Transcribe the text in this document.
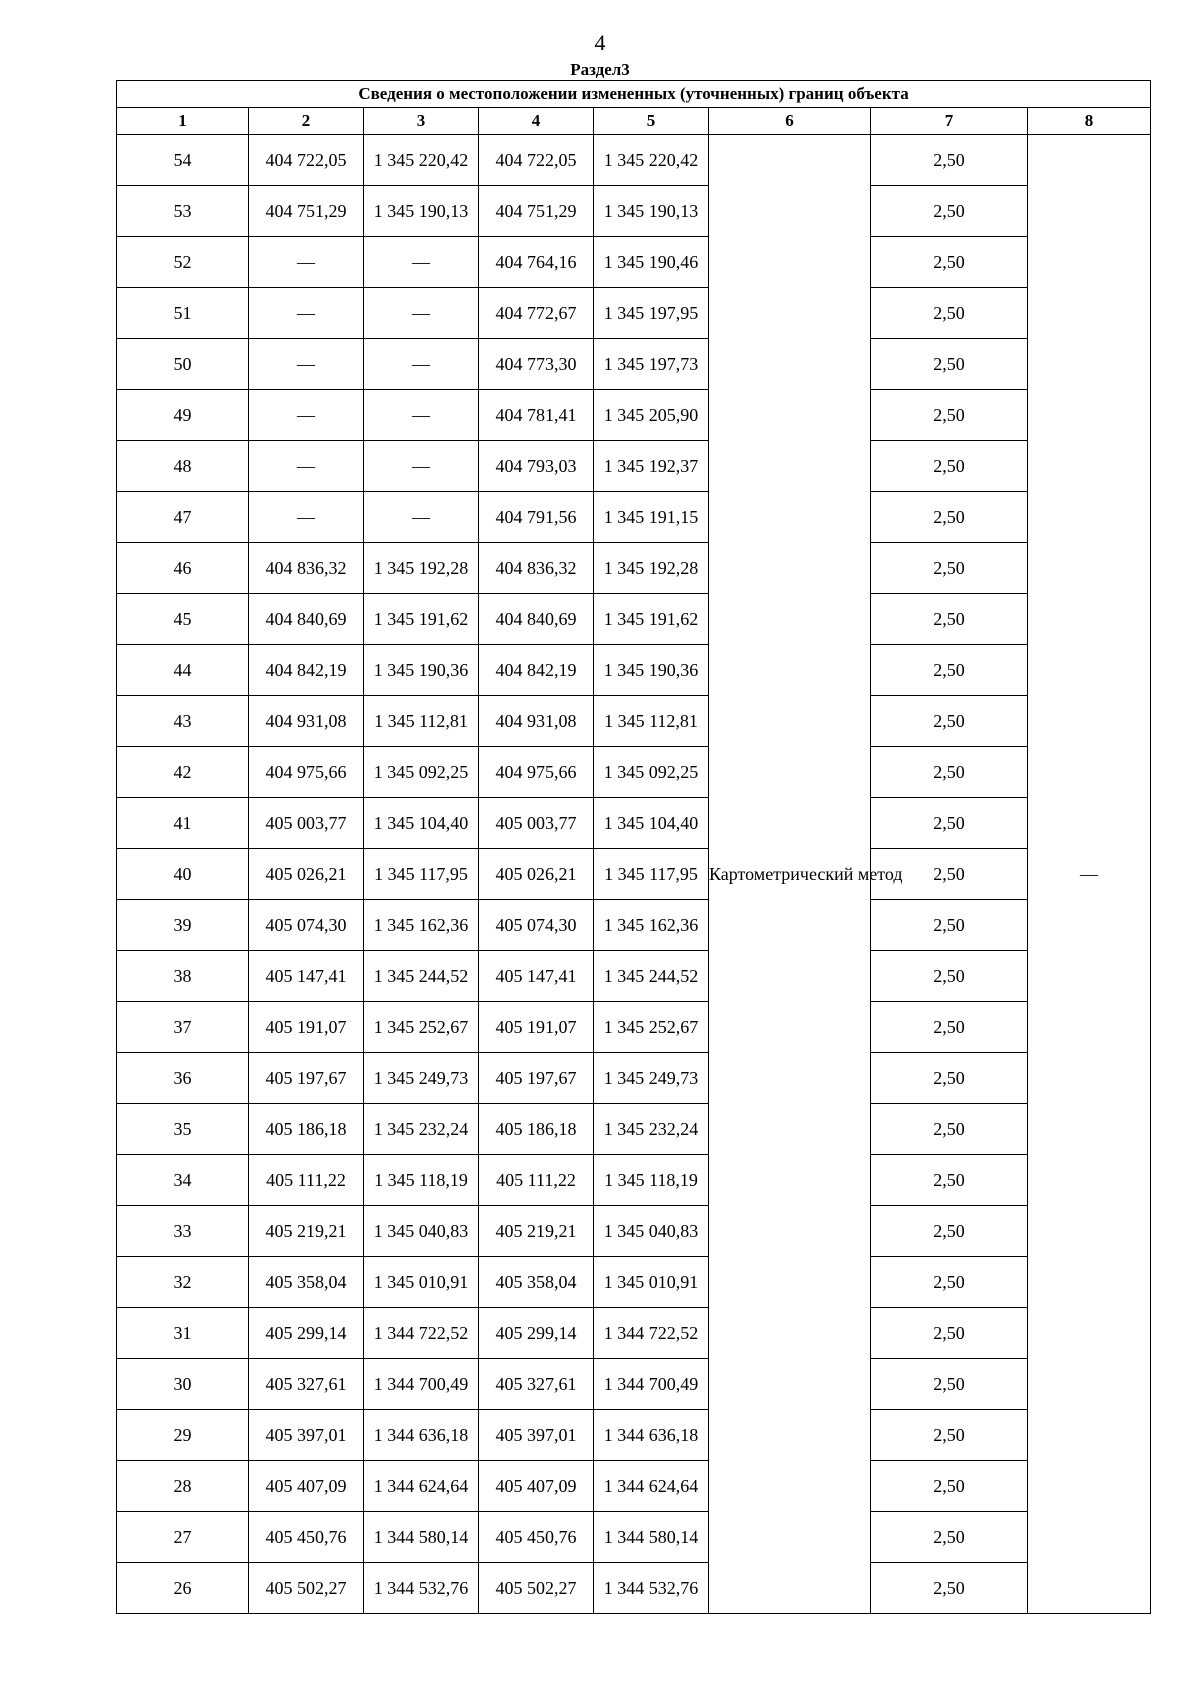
4
Раздел3
Сведения о местоположении измененных (уточненных) границ объекта							
1	2	3	4	5	6	7	8
54	404 722,05	1 345 220,42	404 722,05	1 345 220,42	Картометрический метод	2,50	—
53	404 751,29	1 345 190,13	404 751,29	1 345 190,13		2,50	
52	—	—	404 764,16	1 345 190,46		2,50	
51	—	—	404 772,67	1 345 197,95		2,50	
50	—	—	404 773,30	1 345 197,73		2,50	
49	—	—	404 781,41	1 345 205,90		2,50	
48	—	—	404 793,03	1 345 192,37		2,50	
47	—	—	404 791,56	1 345 191,15		2,50	
46	404 836,32	1 345 192,28	404 836,32	1 345 192,28		2,50	
45	404 840,69	1 345 191,62	404 840,69	1 345 191,62		2,50	
44	404 842,19	1 345 190,36	404 842,19	1 345 190,36		2,50	
43	404 931,08	1 345 112,81	404 931,08	1 345 112,81		2,50	
42	404 975,66	1 345 092,25	404 975,66	1 345 092,25		2,50	
41	405 003,77	1 345 104,40	405 003,77	1 345 104,40		2,50	
40	405 026,21	1 345 117,95	405 026,21	1 345 117,95		2,50	
39	405 074,30	1 345 162,36	405 074,30	1 345 162,36		2,50	
38	405 147,41	1 345 244,52	405 147,41	1 345 244,52		2,50	
37	405 191,07	1 345 252,67	405 191,07	1 345 252,67		2,50	
36	405 197,67	1 345 249,73	405 197,67	1 345 249,73		2,50	
35	405 186,18	1 345 232,24	405 186,18	1 345 232,24		2,50	
34	405 111,22	1 345 118,19	405 111,22	1 345 118,19		2,50	
33	405 219,21	1 345 040,83	405 219,21	1 345 040,83		2,50	
32	405 358,04	1 345 010,91	405 358,04	1 345 010,91		2,50	
31	405 299,14	1 344 722,52	405 299,14	1 344 722,52		2,50	
30	405 327,61	1 344 700,49	405 327,61	1 344 700,49		2,50	
29	405 397,01	1 344 636,18	405 397,01	1 344 636,18		2,50	
28	405 407,09	1 344 624,64	405 407,09	1 344 624,64		2,50	
27	405 450,76	1 344 580,14	405 450,76	1 344 580,14		2,50	
26	405 502,27	1 344 532,76	405 502,27	1 344 532,76		2,50	
